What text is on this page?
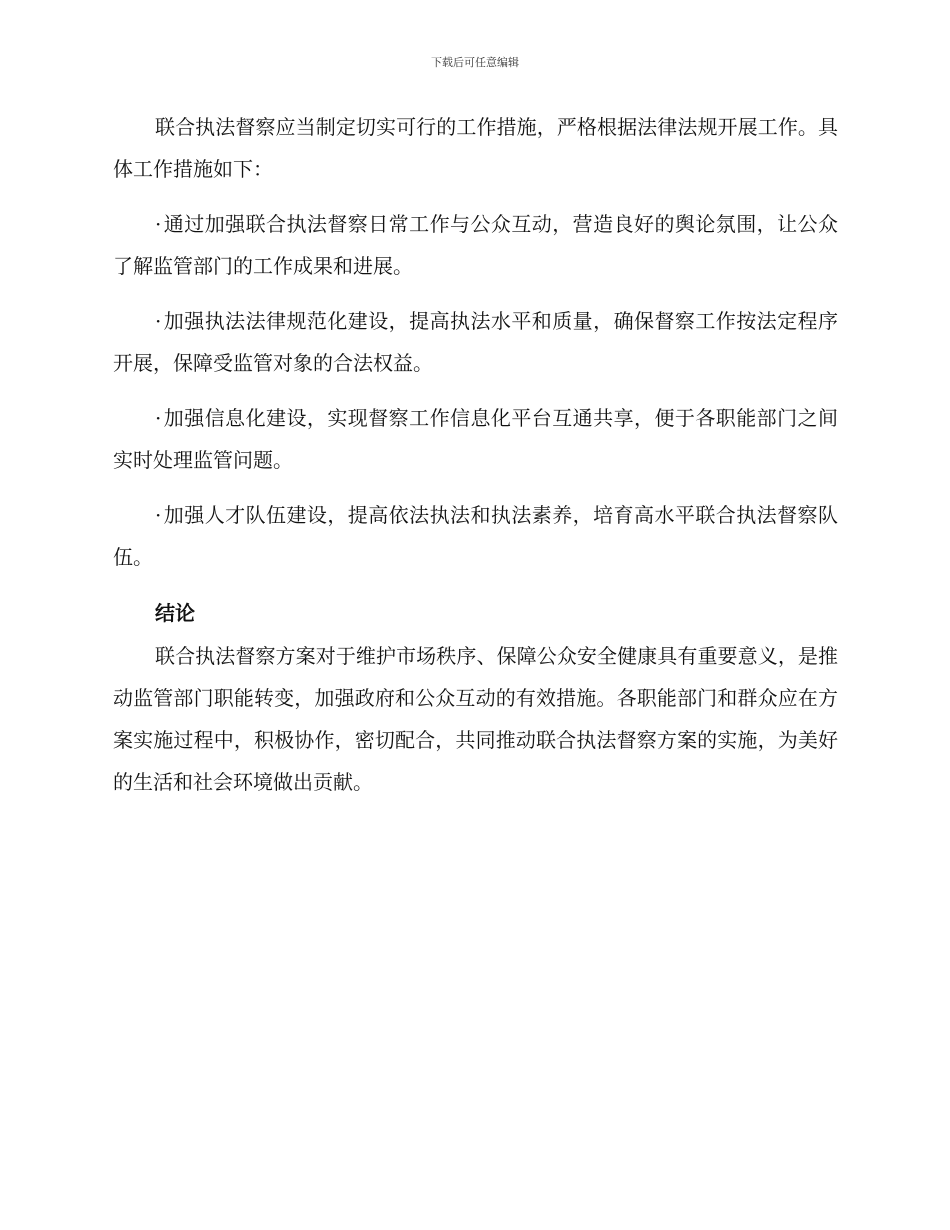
下载后可任意编辑

联合执法督察应当制定切实可行的工作措施，严格根据法律法规开展工作。具体工作措施如下：

· 通过加强联合执法督察日常工作与公众互动，营造良好的舆论氛围，让公众了解监管部门的工作成果和进展。

· 加强执法法律规范化建设，提高执法水平和质量，确保督察工作按法定程序开展，保障受监管对象的合法权益。

· 加强信息化建设，实现督察工作信息化平台互通共享，便于各职能部门之间实时处理监管问题。

· 加强人才队伍建设，提高依法执法和执法素养，培育高水平联合执法督察队伍。

结论

联合执法督察方案对于维护市场秩序、保障公众安全健康具有重要意义，是推动监管部门职能转变，加强政府和公众互动的有效措施。各职能部门和群众应在方案实施过程中，积极协作，密切配合，共同推动联合执法督察方案的实施，为美好的生活和社会环境做出贡献。
